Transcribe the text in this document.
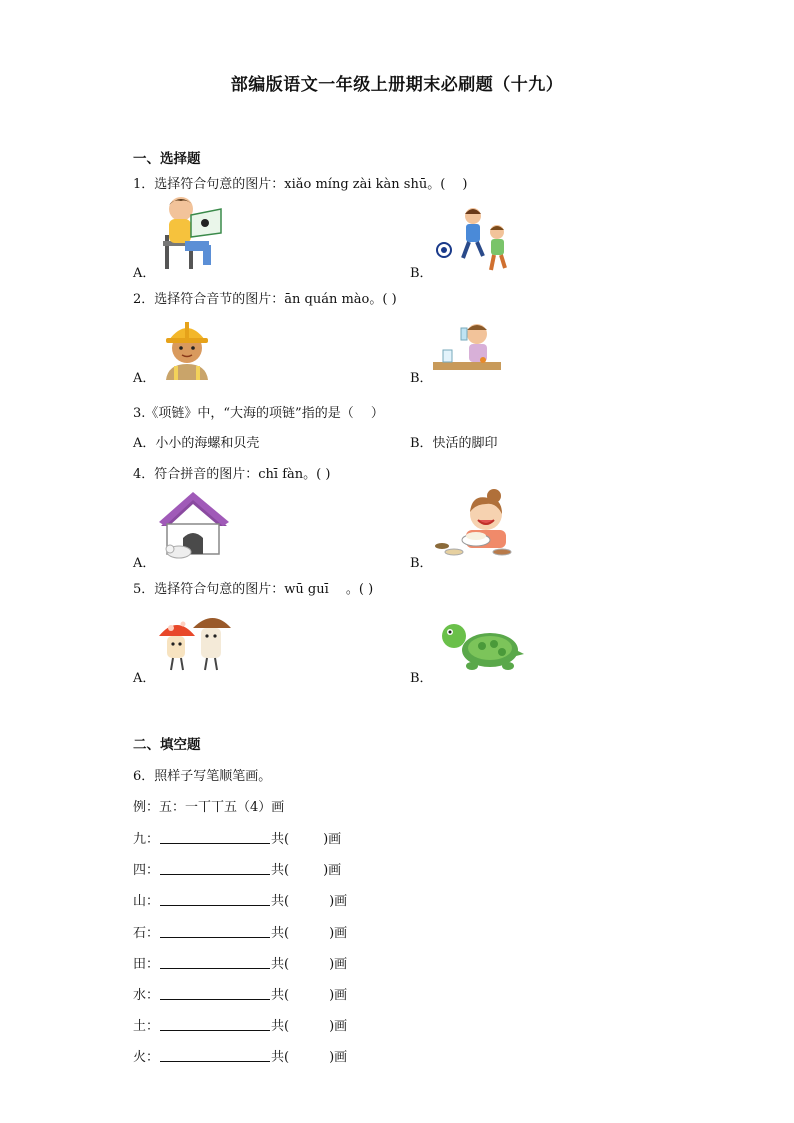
部编版语文一年级上册期末必刷题（十九）
一、选择题
1．选择符合句意的图片：xiǎo míng zài kàn shū。(　 )
A．	B．
2．选择符合音节的图片：ān quán mào。( )
A．	B．
3.《项链》中，“大海的项链”指的是（　 ）
A．小小的海螺和贝壳	B．快活的脚印
4．符合拼音的图片：chī fàn。( )
A．	B．
5．选择符合句意的图片：wū guī 　。( )
A．	B．
二、填空题
6．照样子写笔顺笔画。
例：五：一丅丅五（4）画
九：	共(	)画
四：	共(	)画
山：	共(	)画
石：	共(	)画
田：	共(	)画
水：	共(	)画
土：	共(	)画
火：	共(	)画
